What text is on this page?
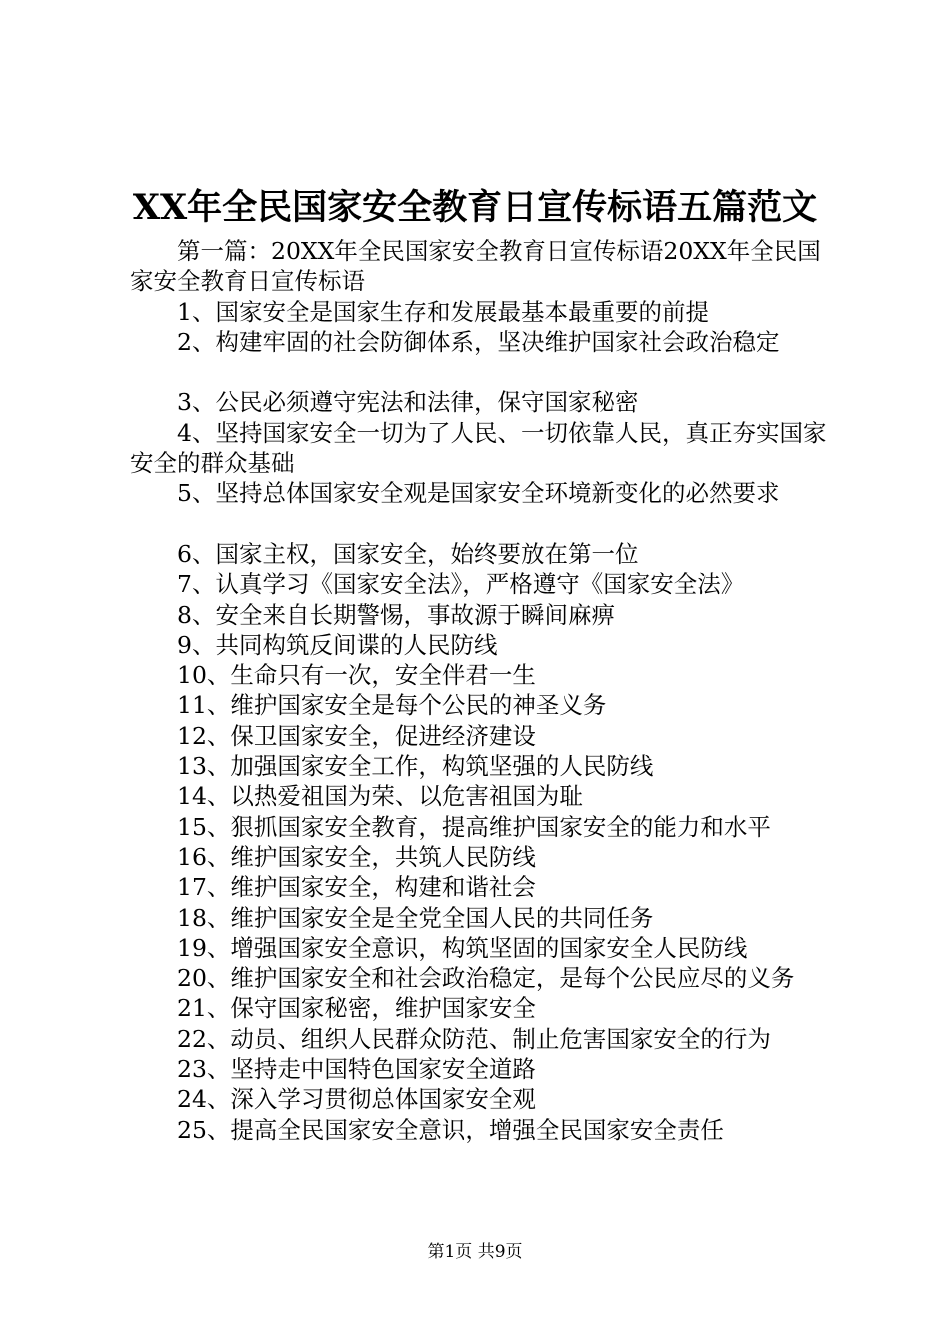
XX年全民国家安全教育日宣传标语五篇范文

第一篇：20XX年全民国家安全教育日宣传标语20XX年全民国家安全教育日宣传标语

1、国家安全是国家生存和发展最基本最重要的前提

2、构建牢固的社会防御体系，坚决维护国家社会政治稳定

3、公民必须遵守宪法和法律，保守国家秘密

4、坚持国家安全一切为了人民、一切依靠人民，真正夯实国家安全的群众基础

5、坚持总体国家安全观是国家安全环境新变化的必然要求

6、国家主权，国家安全，始终要放在第一位

7、认真学习《国家安全法》，严格遵守《国家安全法》

8、安全来自长期警惕，事故源于瞬间麻痹

9、共同构筑反间谍的人民防线

10、生命只有一次，安全伴君一生

11、维护国家安全是每个公民的神圣义务

12、保卫国家安全，促进经济建设

13、加强国家安全工作，构筑坚强的人民防线

14、以热爱祖国为荣、以危害祖国为耻

15、狠抓国家安全教育，提高维护国家安全的能力和水平

16、维护国家安全，共筑人民防线

17、维护国家安全，构建和谐社会

18、维护国家安全是全党全国人民的共同任务

19、增强国家安全意识，构筑坚固的国家安全人民防线

20、维护国家安全和社会政治稳定，是每个公民应尽的义务

21、保守国家秘密，维护国家安全

22、动员、组织人民群众防范、制止危害国家安全的行为

23、坚持走中国特色国家安全道路

24、深入学习贯彻总体国家安全观

25、提高全民国家安全意识，增强全民国家安全责任

第1页 共9页
